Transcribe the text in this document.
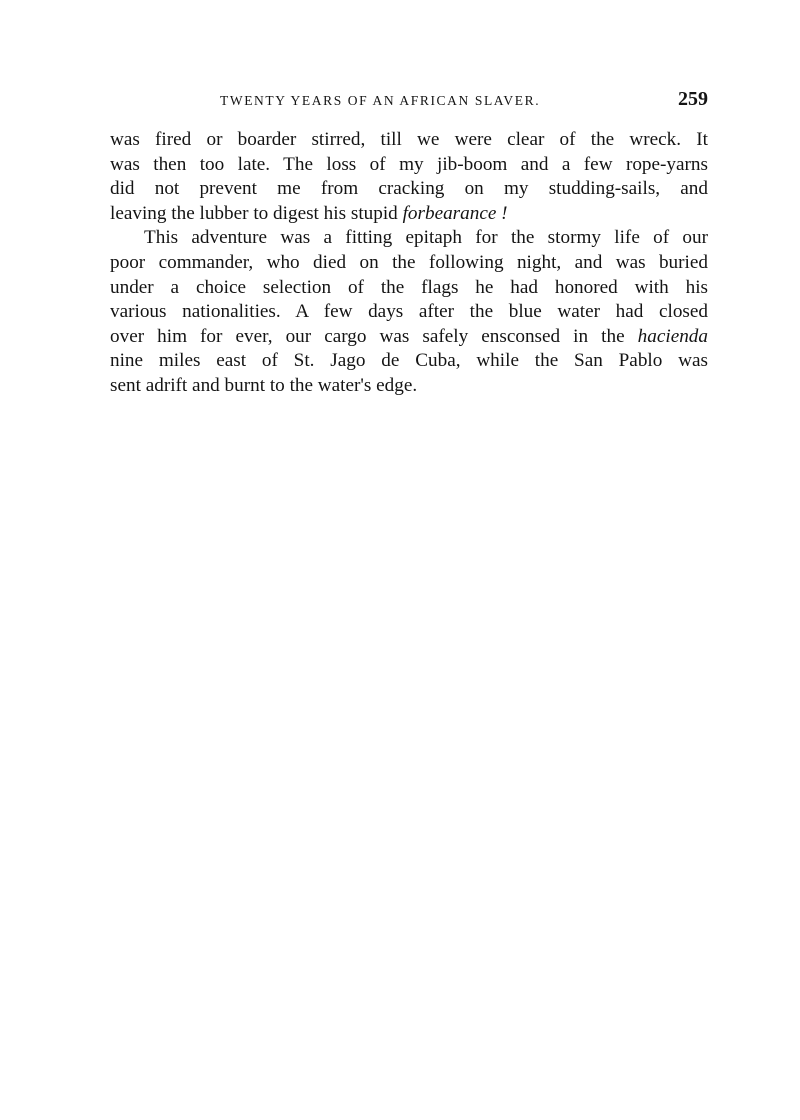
TWENTY YEARS OF AN AFRICAN SLAVER.	259
was fired or boarder stirred, till we were clear of the wreck. It
was then too late. The loss of my jib-boom and a few rope-yarns
did not prevent me from cracking on my studding-sails, and
leaving the lubber to digest his stupid forbearance !
This adventure was a fitting epitaph for the stormy life of our
poor commander, who died on the following night, and was buried
under a choice selection of the flags he had honored with his
various nationalities. A few days after the blue water had closed
over him for ever, our cargo was safely ensconsed in the hacienda
nine miles east of St. Jago de Cuba, while the San Pablo was
sent adrift and burnt to the water's edge.
